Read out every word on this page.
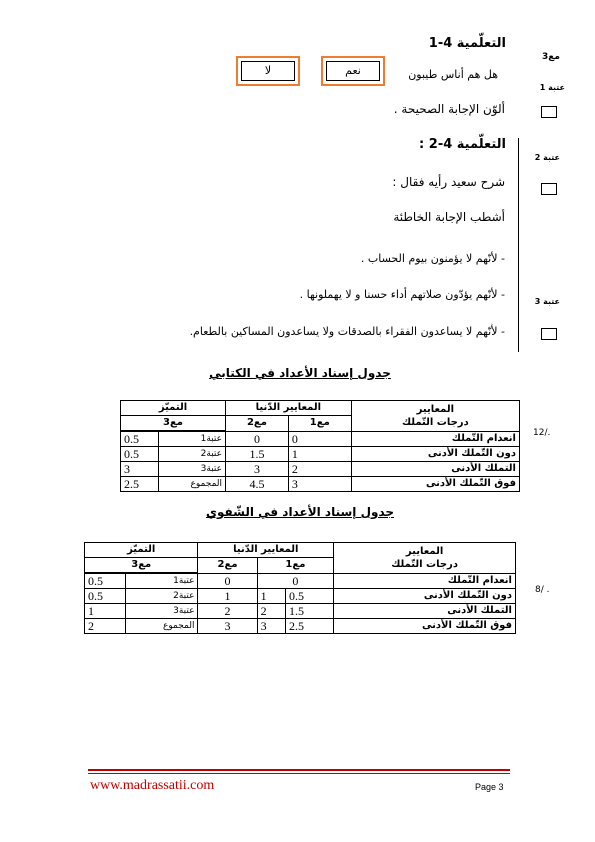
التعلّمية 4-1
مع3
عتبة 1
لا	نعم	هل هم أناس طيبون
ألوّن الإجابة الصحيحة .
التعلّمية 4-2 :
عتبة 2
شرح سعيد رأيه فقال :
أشطب الإجابة الخاطئة
- لأنّهم لا يؤمنون بيوم الحساب .
- لأنّهم يؤدّون صلاتهم أداء حسنا و لا يهملونها .
عتبة 3
- لأنّهم لا يساعدون الفقراء بالصدقات ولا يساعدون المساكين بالطعام.
جدول إسناد الأعداد في الكتابي
12/.
المعايير
درجات التّملك	المعايير الدّنيا		التميّز	
	مع1	مع2	مع3	
انعدام التّملك	0	0	عتبة1	0.5
دون التّملك الأدنى	1	1.5	عتبة2	0.5
التملك الأدنى	2	3	عتبة3	3
فوق التّملك الأدنى	3	4.5	المجموع	2.5
جدول إسناد الأعداد في الشّفوي
8/ .
المعايير
درجات التّملك	المعايير الدّنيا			التميّز	
	مع1		مع2	مع3	
انعدام التّملك	0		0	عتبة1	0.5
دون التّملك الأدنى	0.5	1	1	عتبة2	0.5
التملك الأدنى	1.5	2	2	عتبة3	1
فوق التّملك الأدنى	2.5	3	3	المجموع	2
www.madrassatii.com	Page 3
